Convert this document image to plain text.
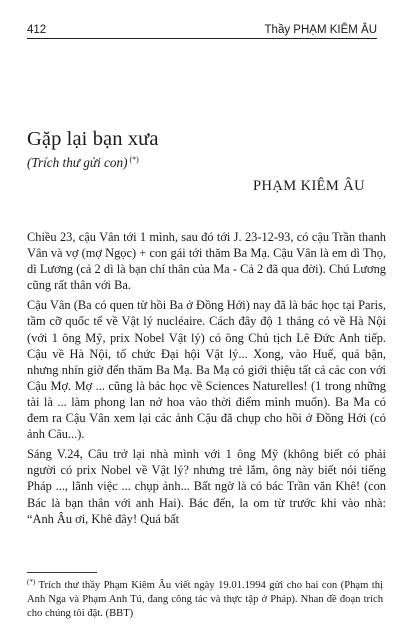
412	Thầy PHẠM KIÊM ÂU
Gặp lại bạn xưa
(Trích thư gửi con) (*)
PHẠM KIÊM ÂU

Chiều 23, cậu Vân tới 1 mình, sau đó tới J. 23-12-93, có cậu Trần thanh Vân và vợ (mợ Ngọc) + con gái tới thăm Ba Mạ. Cậu Vân là em dì Thọ, dì Lương (cả 2 dì là bạn chí thân của Ma - Cả 2 đã qua đời). Chú Lương cũng rất thân với Ba.

Cậu Vân (Ba có quen từ hồi Ba ở Đồng Hới) nay đã là bác học tại Paris, tầm cỡ quốc tế về Vật lý nucléaire. Cách đây độ 1 tháng có về Hà Nội (với 1 ông Mỹ, prix Nobel Vật lý) có ông Chủ tịch Lê Đức Anh tiếp. Cậu về Hà Nội, tổ chức Đại hội Vật lý... Xong, vào Huế, quá bận, nhưng nhín giờ đến thăm Ba Mạ. Ba Mạ có giới thiệu tất cả các con với Cậu Mợ. Mợ ... cũng là bác học về Sciences Naturelles! (1 trong những tài là ... làm phong lan nở hoa vào thời điểm mình muốn). Ba Ma có đem ra Cậu Vân xem lại các ảnh Cậu đã chụp cho hồi ở Đồng Hới (có ảnh Câu...).

Sáng V.24, Câu trở lại nhà mình với 1 ông Mỹ (không biết có phải người có prix Nobel về Vật lý? nhưng trẻ lắm, ông này biết nói tiếng Pháp ..., lãnh việc ... chụp ảnh... Bất ngờ là có bác Trần văn Khê! (con Bác là bạn thân với anh Hai). Bác đến, la om từ trước khi vào nhà: “Anh Âu ơi, Khê đây! Quá bất

(*) Trích thư thầy Phạm Kiêm Âu viết ngày 19.01.1994 gửi cho hai con (Phạm thị Anh Nga và Phạm Anh Tú, đang công tác và thực tập ở Pháp). Nhan đề đoạn trích cho chúng tôi đặt. (BBT)
